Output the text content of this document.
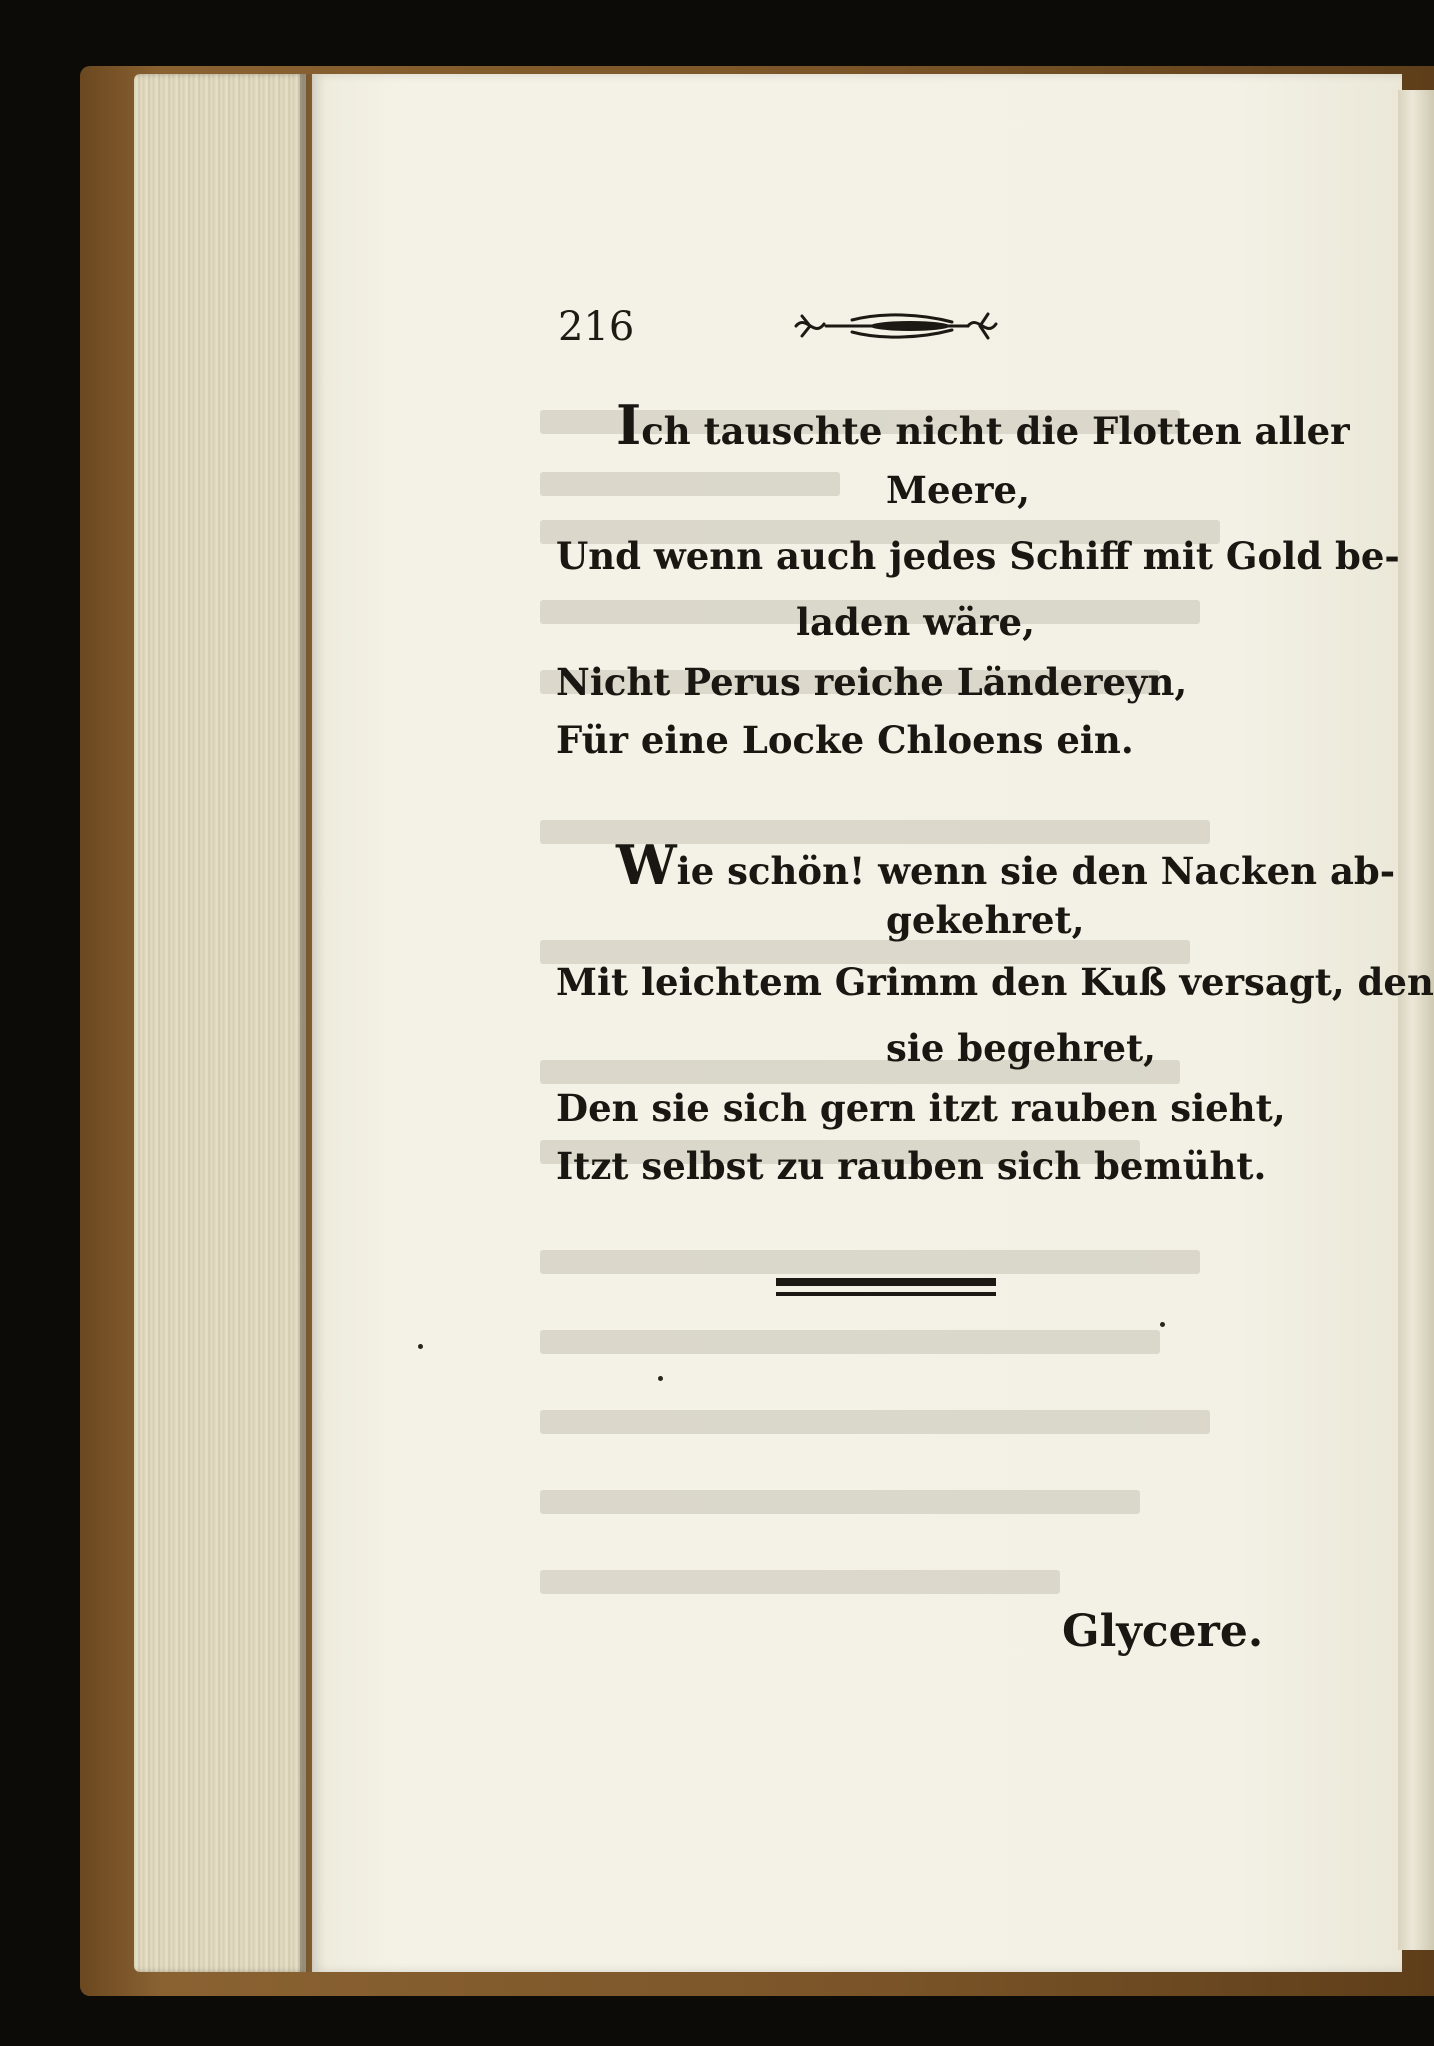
216
Ich tauschte nicht die Flotten aller
Meere,
Und wenn auch jedes Schiff mit Gold be-
laden wäre,
Nicht Perus reiche Ländereyn,
Für eine Locke Chloens ein.
Wie schön! wenn sie den Nacken ab-
gekehret,
Mit leichtem Grimm den Kuß versagt, den
sie begehret,
Den sie sich gern itzt rauben sieht,
Itzt selbst zu rauben sich bemüht.
Glycere.
